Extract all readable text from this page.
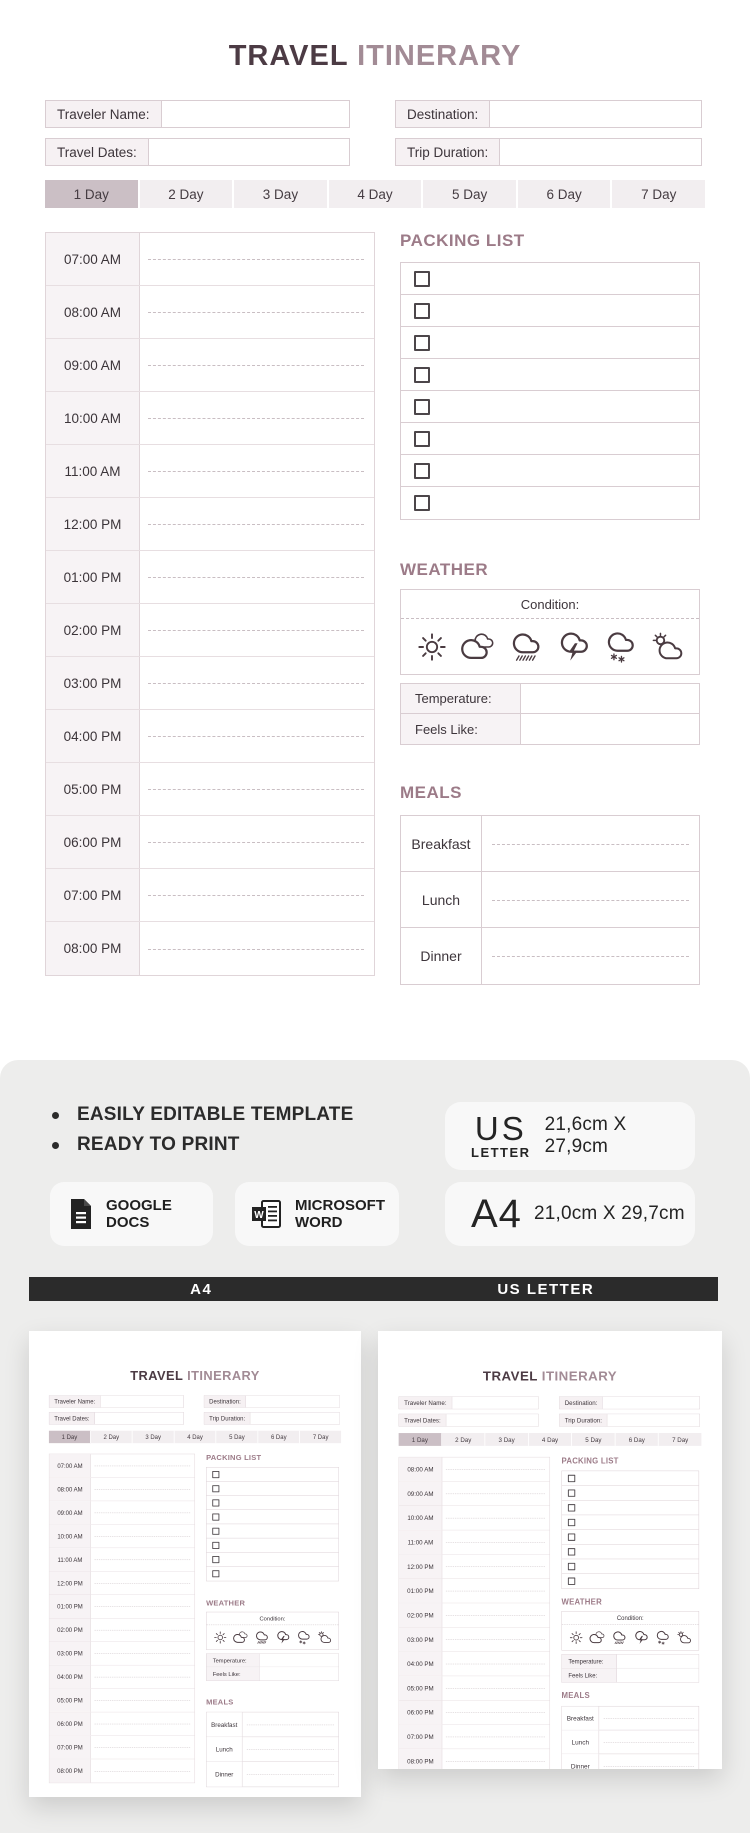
TRAVEL ITINERARY
Traveler Name:	Destination:
Travel Dates:	Trip Duration:
1 Day	2 Day	3 Day	4 Day	5 Day	6 Day	7 Day
07:00 AM
08:00 AM
09:00 AM
10:00 AM
11:00 AM
12:00 PM
01:00 PM
02:00 PM
03:00 PM
04:00 PM
05:00 PM
06:00 PM
07:00 PM
08:00 PM
PACKING LIST
WEATHER
Condition:
Temperature:
Feels Like:
MEALS
Breakfast
Lunch
Dinner
EASILY EDITABLE TEMPLATE
READY TO PRINT	US
LETTER
21,6cm X 27,9cm
GOOGLE DOCS	W
MICROSOFT WORD	A4 21,0cm X 29,7cm
A4	US LETTER
TRAVEL ITINERARY
Traveler Name:	Destination:
Travel Dates:	Trip Duration:
1 Day	2 Day	3 Day	4 Day	5 Day	6 Day	7 Day
07:00 AM
08:00 AM
09:00 AM
10:00 AM
11:00 AM
12:00 PM
01:00 PM
02:00 PM
03:00 PM
04:00 PM
05:00 PM
06:00 PM
07:00 PM
08:00 PM
PACKING LIST
WEATHER
Condition:
Temperature:
Feels Like:
MEALS
Breakfast
Lunch
Dinner
TRAVEL ITINERARY
Traveler Name:	Destination:
Travel Dates:	Trip Duration:
1 Day	2 Day	3 Day	4 Day	5 Day	6 Day	7 Day
08:00 AM
09:00 AM
10:00 AM
11:00 AM
12:00 PM
01:00 PM
02:00 PM
03:00 PM
04:00 PM
05:00 PM
06:00 PM
07:00 PM
08:00 PM
PACKING LIST
WEATHER
Condition:
Temperature:
Feels Like:
MEALS
Breakfast
Lunch
Dinner
